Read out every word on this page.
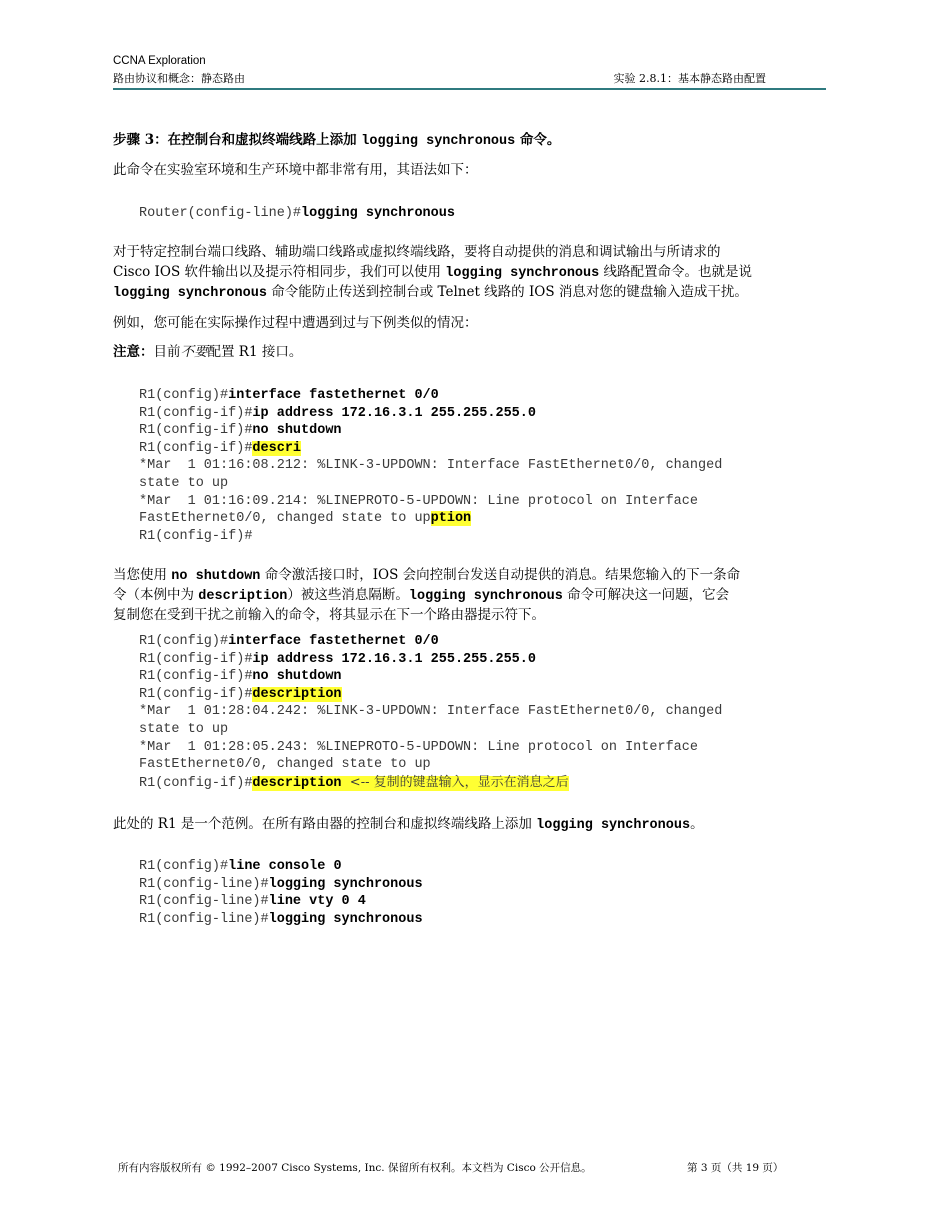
CCNA Exploration
路由协议和概念：静态路由	实验 2.8.1：基本静态路由配置
步骤 3：在控制台和虚拟终端线路上添加 logging synchronous 命令。
此命令在实验室环境和生产环境中都非常有用，其语法如下：
Router(config-line)#logging synchronous
对于特定控制台端口线路、辅助端口线路或虚拟终端线路，要将自动提供的消息和调试输出与所请求的
Cisco IOS 软件输出以及提示符相同步，我们可以使用 logging synchronous 线路配置命令。也就是说
logging synchronous 命令能防止传送到控制台或 Telnet 线路的 IOS 消息对您的键盘输入造成干扰。
例如，您可能在实际操作过程中遭遇到过与下例类似的情况：
注意：目前不要配置 R1 接口。
R1(config)#interface fastethernet 0/0
R1(config-if)#ip address 172.16.3.1 255.255.255.0
R1(config-if)#no shutdown
R1(config-if)#descri
*Mar  1 01:16:08.212: %LINK-3-UPDOWN: Interface FastEthernet0/0, changed
state to up
*Mar  1 01:16:09.214: %LINEPROTO-5-UPDOWN: Line protocol on Interface
FastEthernet0/0, changed state to upption
R1(config-if)#
当您使用 no shutdown 命令激活接口时，IOS 会向控制台发送自动提供的消息。结果您输入的下一条命
令（本例中为 description）被这些消息隔断。logging synchronous 命令可解决这一问题，它会
复制您在受到干扰之前输入的命令，将其显示在下一个路由器提示符下。
R1(config)#interface fastethernet 0/0
R1(config-if)#ip address 172.16.3.1 255.255.255.0
R1(config-if)#no shutdown
R1(config-if)#description
*Mar  1 01:28:04.242: %LINK-3-UPDOWN: Interface FastEthernet0/0, changed
state to up
*Mar  1 01:28:05.243: %LINEPROTO-5-UPDOWN: Line protocol on Interface
FastEthernet0/0, changed state to up
R1(config-if)#description  <-- 复制的键盘输入，显示在消息之后
此处的 R1 是一个范例。在所有路由器的控制台和虚拟终端线路上添加 logging synchronous。
R1(config)#line console 0
R1(config-line)#logging synchronous
R1(config-line)#line vty 0 4
R1(config-line)#logging synchronous
所有内容版权所有 © 1992–2007 Cisco Systems, Inc. 保留所有权利。本文档为 Cisco 公开信息。	第 3 页（共 19 页）
